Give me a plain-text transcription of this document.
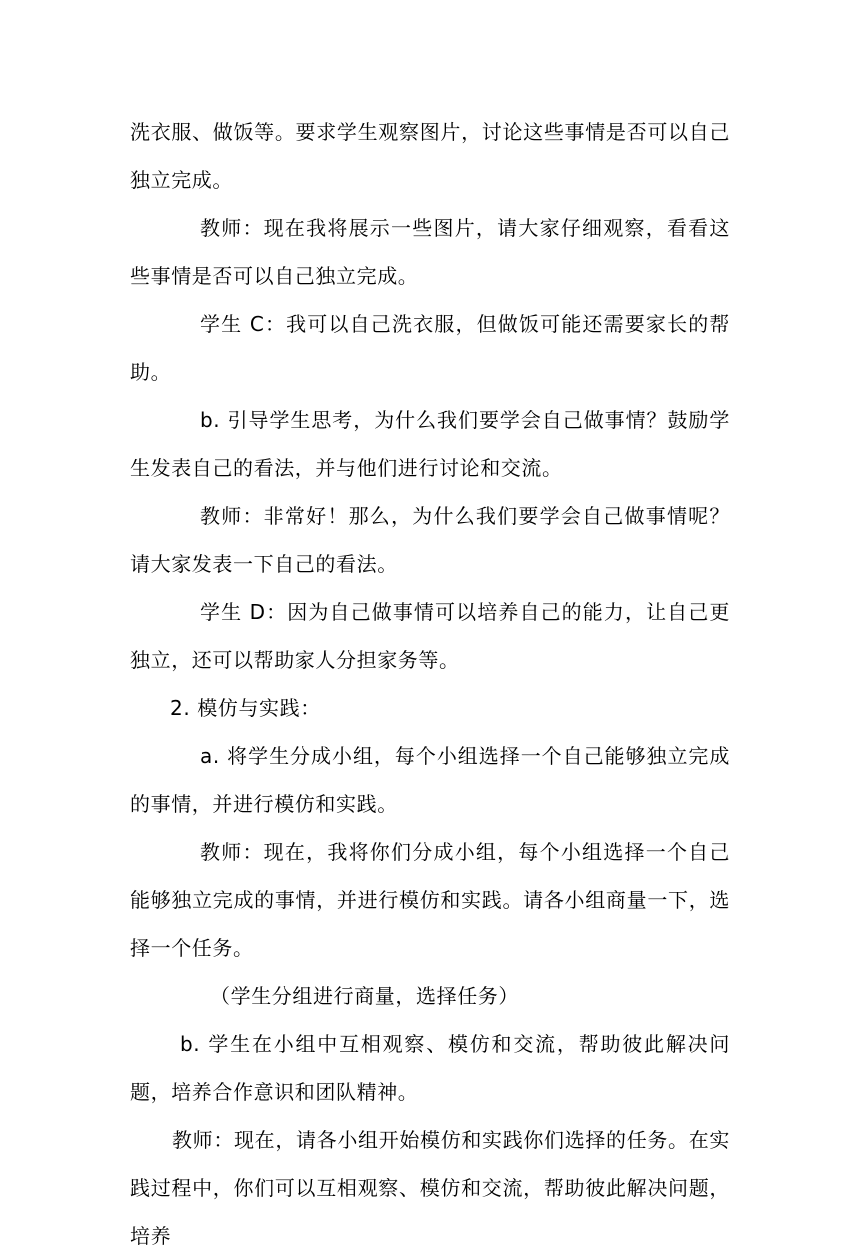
洗衣服、做饭等。要求学生观察图片，讨论这些事情是否可以自己独立完成。

教师：现在我将展示一些图片，请大家仔细观察，看看这些事情是否可以自己独立完成。

学生 C：我可以自己洗衣服，但做饭可能还需要家长的帮助。

b. 引导学生思考，为什么我们要学会自己做事情？鼓励学生发表自己的看法，并与他们进行讨论和交流。

教师：非常好！那么，为什么我们要学会自己做事情呢？请大家发表一下自己的看法。

学生 D：因为自己做事情可以培养自己的能力，让自己更独立，还可以帮助家人分担家务等。

2. 模仿与实践：

a. 将学生分成小组，每个小组选择一个自己能够独立完成的事情，并进行模仿和实践。

教师：现在，我将你们分成小组，每个小组选择一个自己能够独立完成的事情，并进行模仿和实践。请各小组商量一下，选择一个任务。

（学生分组进行商量，选择任务）

b. 学生在小组中互相观察、模仿和交流，帮助彼此解决问题，培养合作意识和团队精神。

教师：现在，请各小组开始模仿和实践你们选择的任务。在实践过程中，你们可以互相观察、模仿和交流，帮助彼此解决问题，培养
